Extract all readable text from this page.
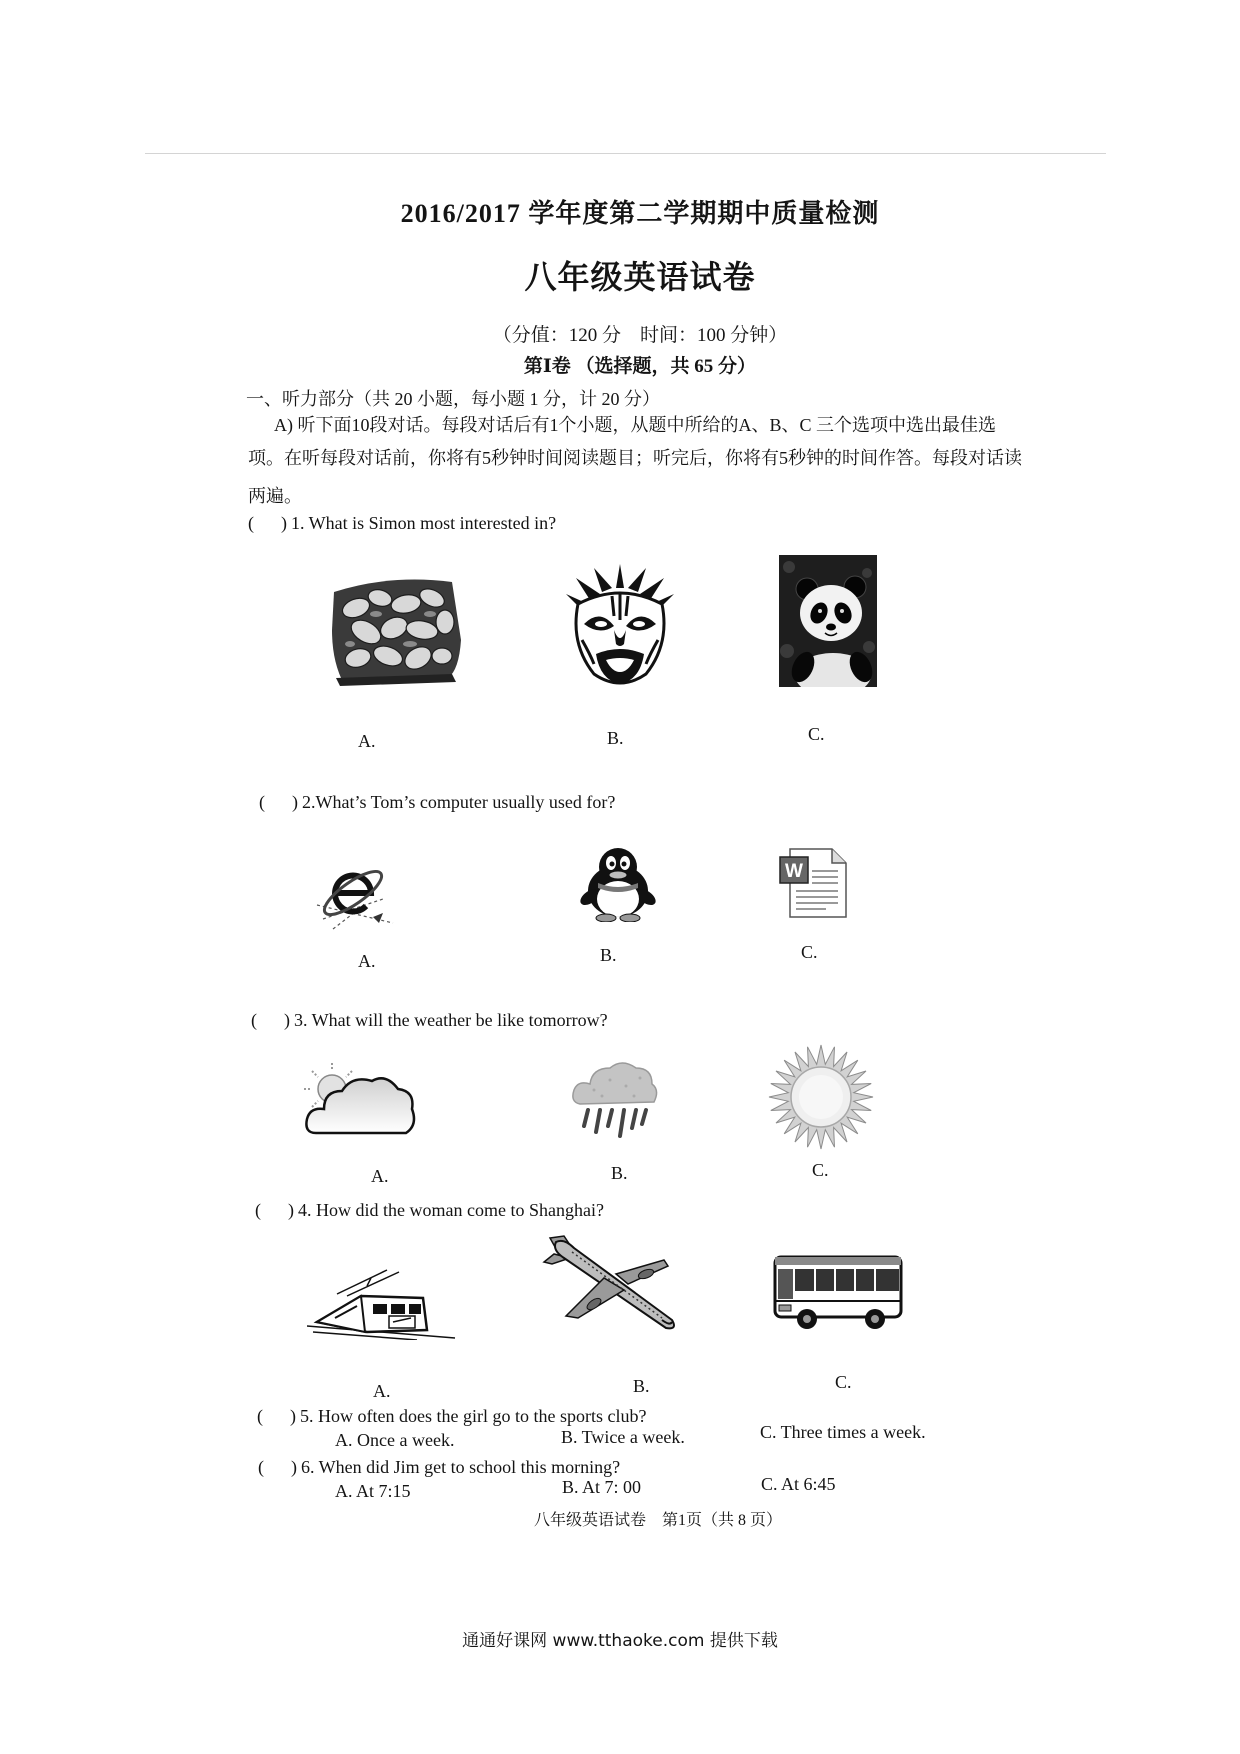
2016/2017 学年度第二学期期中质量检测
八年级英语试卷
（分值：120 分　时间：100 分钟）
第Ⅰ卷 （选择题，共 65 分）
一、听力部分（共 20 小题，每小题 1 分，计 20 分）
A) 听下面10段对话。每段对话后有1个小题，从题中所给的A、B、C 三个选项中选出最佳选
项。在听每段对话前，你将有5秒钟时间阅读题目；听完后，你将有5秒钟的时间作答。每段对话读
两遍。
(      ) 1. What is Simon most interested in?
A.	B.	C.
(      ) 2.What’s Tom’s computer usually used for?
W
A.	B.	C.
(      ) 3. What will the weather be like tomorrow?
A.	B.	C.
(      ) 4. How did the woman come to Shanghai?
A.	B.	C.
(      ) 5. How often does the girl go to the sports club?
A. Once a week.	B. Twice a week.	C. Three times a week.
(      ) 6. When did Jim get to school this morning?
A. At 7:15	B. At 7: 00	C. At 6:45
八年级英语试卷　第1页（共 8 页）
通通好课网 www.tthaoke.com 提供下载
